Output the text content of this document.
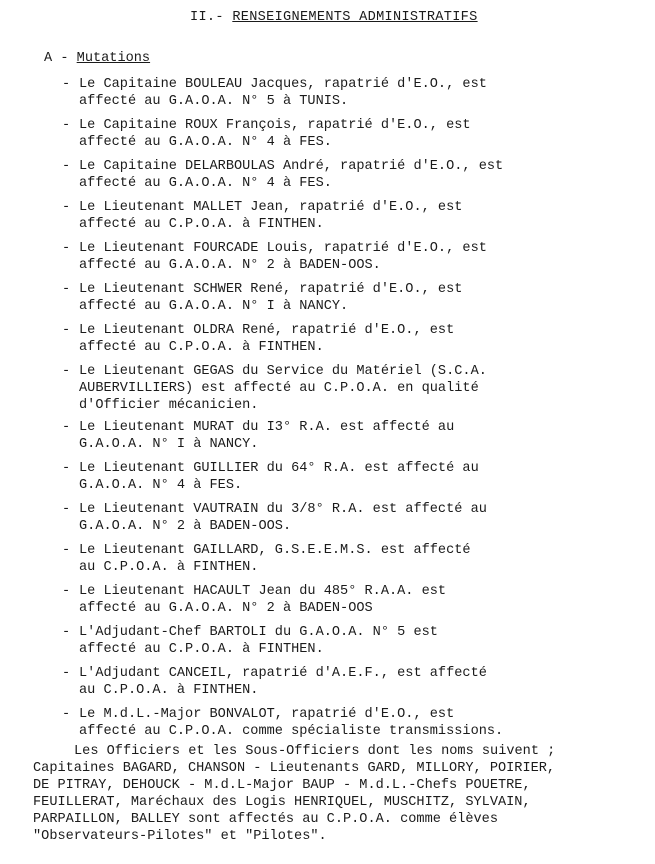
II.- RENSEIGNEMENTS ADMINISTRATIFS
A - Mutations
- Le Capitaine BOULEAU Jacques, rapatrié d'E.O., est
affecté au G.A.O.A. N° 5 à TUNIS.
- Le Capitaine ROUX François, rapatrié d'E.O., est
affecté au G.A.O.A. N° 4 à FES.
- Le Capitaine DELARBOULAS André, rapatrié d'E.O., est
affecté au G.A.O.A. N° 4 à FES.
- Le Lieutenant MALLET Jean, rapatrié d'E.O., est
affecté au C.P.O.A. à FINTHEN.
- Le Lieutenant FOURCADE Louis, rapatrié d'E.O., est
affecté au G.A.O.A. N° 2 à BADEN-OOS.
- Le Lieutenant SCHWER René, rapatrié d'E.O., est
affecté au G.A.O.A. N° I à NANCY.
- Le Lieutenant OLDRA René, rapatrié d'E.O., est
affecté au C.P.O.A. à FINTHEN.
- Le Lieutenant GEGAS du Service du Matériel (S.C.A.
AUBERVILLIERS) est affecté au C.P.O.A. en qualité
d'Officier mécanicien.
- Le Lieutenant MURAT du I3° R.A. est affecté au
G.A.O.A. N° I à NANCY.
- Le Lieutenant GUILLIER du 64° R.A. est affecté au
G.A.O.A. N° 4 à FES.
- Le Lieutenant VAUTRAIN du 3/8° R.A. est affecté au
G.A.O.A. N° 2 à BADEN-OOS.
- Le Lieutenant GAILLARD, G.S.E.E.M.S. est affecté
au C.P.O.A. à FINTHEN.
- Le Lieutenant HACAULT Jean du 485° R.A.A. est
affecté au G.A.O.A. N° 2 à BADEN-OOS
- L'Adjudant-Chef BARTOLI du G.A.O.A. N° 5 est
affecté au C.P.O.A. à FINTHEN.
- L'Adjudant CANCEIL, rapatrié d'A.E.F., est affecté
au C.P.O.A. à FINTHEN.
- Le M.d.L.-Major BONVALOT, rapatrié d'E.O., est
affecté au C.P.O.A. comme spécialiste transmissions.
Les Officiers et les Sous-Officiers dont les noms suivent ;
Capitaines BAGARD, CHANSON - Lieutenants GARD, MILLORY, POIRIER,
DE PITRAY, DEHOUCK - M.d.L-Major BAUP - M.d.L.-Chefs POUETRE,
FEUILLERAT, Maréchaux des Logis HENRIQUEL, MUSCHITZ, SYLVAIN,
PARPAILLON, BALLEY sont affectés au C.P.O.A. comme élèves
"Observateurs-Pilotes" et "Pilotes".
